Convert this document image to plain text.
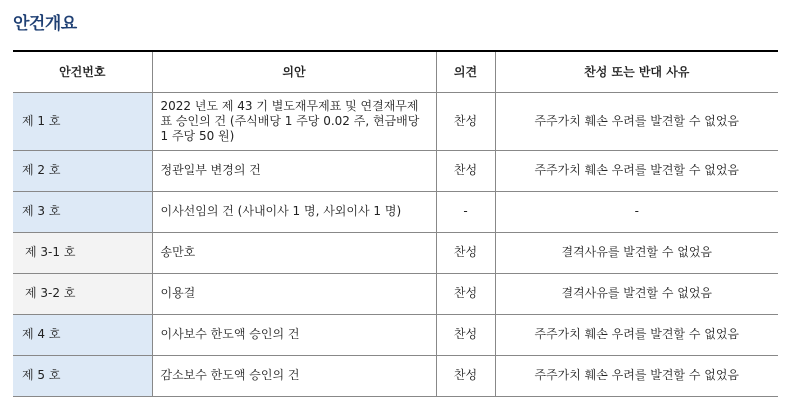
안건개요
안건번호	의안	의견	찬성 또는 반대 사유
제 1 호	2022 년도 제 43 기 별도재무제표 및 연결재무제표 승인의 건 (주식배당 1 주당 0.02 주, 현금배당 1 주당 50 원)	찬성	주주가치 훼손 우려를 발견할 수 없었음
제 2 호	정관일부 변경의 건	찬성	주주가치 훼손 우려를 발견할 수 없었음
제 3 호	이사선임의 건 (사내이사 1 명, 사외이사 1 명)	-	-
제 3-1 호	송만호	찬성	결격사유를 발견할 수 없었음
제 3-2 호	이용걸	찬성	결격사유를 발견할 수 없었음
제 4 호	이사보수 한도액 승인의 건	찬성	주주가치 훼손 우려를 발견할 수 없었음
제 5 호	감소보수 한도액 승인의 건	찬성	주주가치 훼손 우려를 발견할 수 없었음
